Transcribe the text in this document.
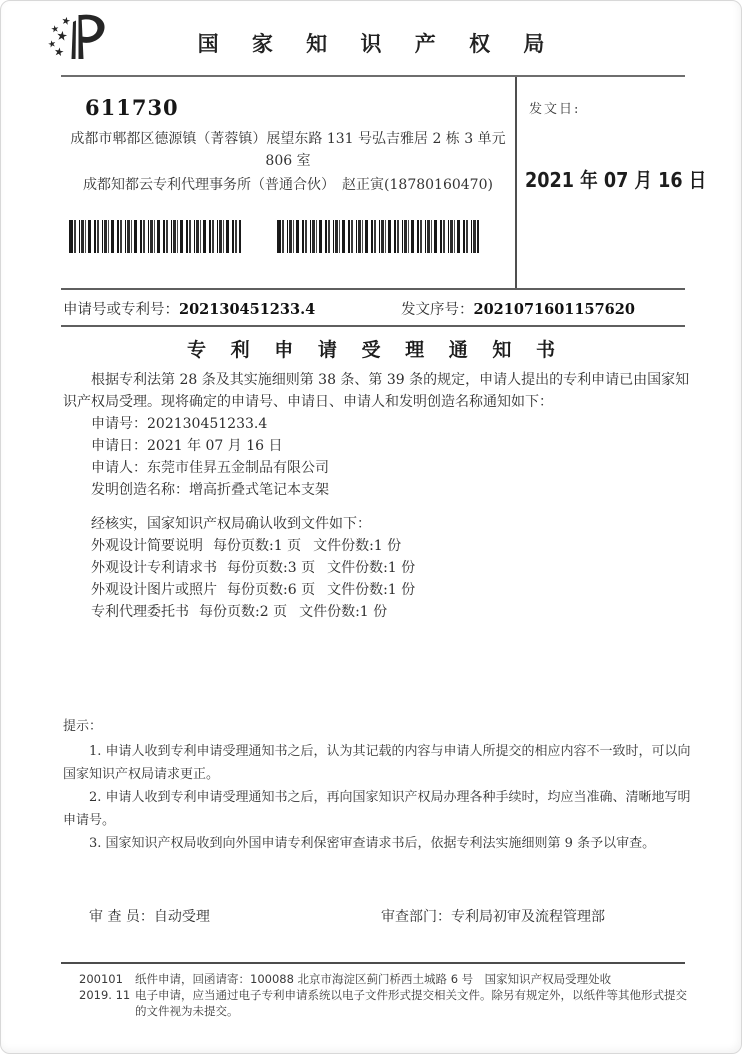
国 家 知 识 产 权 局
611730
成都市郫都区德源镇（菁蓉镇）展望东路 131 号弘吉雅居 2 栋 3 单元 806 室
成都知都云专利代理事务所（普通合伙）　赵正寅(18780160470)
发文日:
2021 年 07 月 16 日
申请号或专利号：202130451233.4	发文序号：2021071601157620
专 利 申 请 受 理 通 知 书
根据专利法第 28 条及其实施细则第 38 条、第 39 条的规定，申请人提出的专利申请已由国家知识产权局受理。现将确定的申请号、申请日、申请人和发明创造名称通知如下：
申请号：202130451233.4
申请日：2021 年 07 月 16 日
申请人：东莞市佳昇五金制品有限公司
发明创造名称：增高折叠式笔记本支架
经核实，国家知识产权局确认收到文件如下：
外观设计简要说明 每份页数:1 页 文件份数:1 份
外观设计专利请求书 每份页数:3 页 文件份数:1 份
外观设计图片或照片 每份页数:6 页 文件份数:1 份
专利代理委托书 每份页数:2 页 文件份数:1 份
提示：
1. 申请人收到专利申请受理通知书之后，认为其记载的内容与申请人所提交的相应内容不一致时，可以向国家知识产权局请求更正。
2. 申请人收到专利申请受理通知书之后，再向国家知识产权局办理各种手续时，均应当准确、清晰地写明申请号。
3. 国家知识产权局收到向外国申请专利保密审查请求书后，依据专利法实施细则第 9 条予以审查。
审 查 员：自动受理	审查部门：专利局初审及流程管理部
200101
2019. 11
纸件申请，回函请寄：100088 北京市海淀区蓟门桥西土城路 6 号　国家知识产权局受理处收
电子申请，应当通过电子专利申请系统以电子文件形式提交相关文件。除另有规定外，以纸件等其他形式提交的文件视为未提交。
